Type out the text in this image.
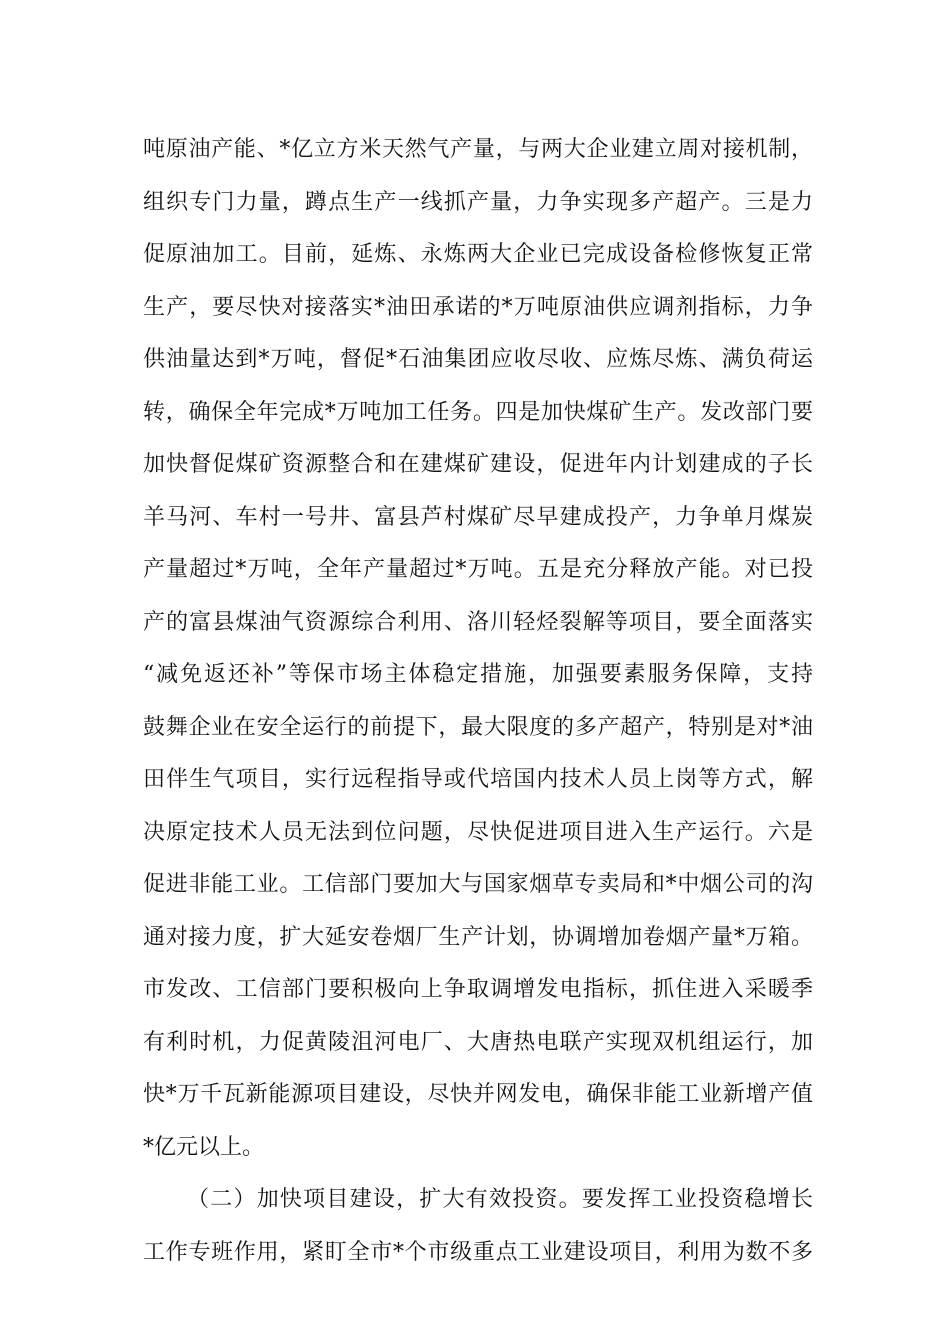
吨原油产能、*亿立方米天然气产量，与两大企业建立周对接机制，
组织专门力量，蹲点生产一线抓产量，力争实现多产超产。三是力
促原油加工。目前，延炼、永炼两大企业已完成设备检修恢复正常
生产，要尽快对接落实*油田承诺的*万吨原油供应调剂指标，力争
供油量达到*万吨，督促*石油集团应收尽收、应炼尽炼、满负荷运
转，确保全年完成*万吨加工任务。四是加快煤矿生产。发改部门要
加快督促煤矿资源整合和在建煤矿建设，促进年内计划建成的子长
羊马河、车村一号井、富县芦村煤矿尽早建成投产，力争单月煤炭
产量超过*万吨，全年产量超过*万吨。五是充分释放产能。对已投
产的富县煤油气资源综合利用、洛川轻烃裂解等项目，要全面落实
“减免返还补”等保市场主体稳定措施，加强要素服务保障，支持
鼓舞企业在安全运行的前提下，最大限度的多产超产，特别是对*油
田伴生气项目，实行远程指导或代培国内技术人员上岗等方式，解
决原定技术人员无法到位问题，尽快促进项目进入生产运行。六是
促进非能工业。工信部门要加大与国家烟草专卖局和*中烟公司的沟
通对接力度，扩大延安卷烟厂生产计划，协调增加卷烟产量*万箱。
市发改、工信部门要积极向上争取调增发电指标，抓住进入采暖季
有利时机，力促黄陵沮河电厂、大唐热电联产实现双机组运行，加
快*万千瓦新能源项目建设，尽快并网发电，确保非能工业新增产值
*亿元以上。
（二）加快项目建设，扩大有效投资。要发挥工业投资稳增长
工作专班作用，紧盯全市*个市级重点工业建设项目，利用为数不多
